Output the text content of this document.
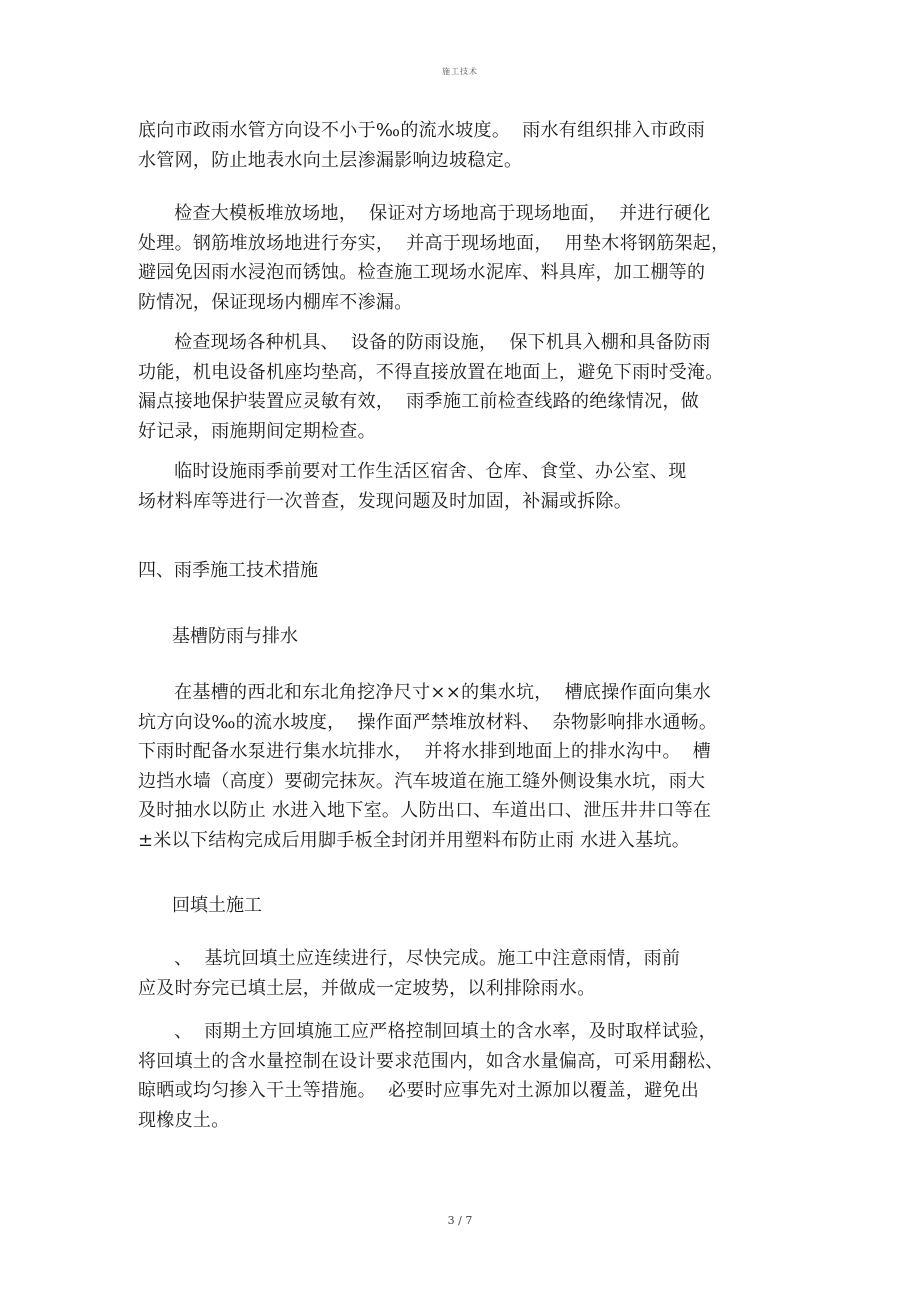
施工技术
底向市政雨水管方向设不小于‰的流水坡度。  雨水有组织排入市政雨
水管网，防止地表水向土层渗漏影响边坡稳定。
检查大模板堆放场地，  保证对方场地高于现场地面，  并进行硬化
处理。钢筋堆放场地进行夯实，  并高于现场地面，  用垫木将钢筋架起，
避园免因雨水浸泡而锈蚀。检查施工现场水泥库、料具库，加工棚等的
防情况，保证现场内棚库不渗漏。
检查现场各种机具、  设备的防雨设施，  保下机具入棚和具备防雨
功能，机电设备机座均垫高，不得直接放置在地面上，避免下雨时受淹。
漏点接地保护装置应灵敏有效，  雨季施工前检查线路的绝缘情况，做
好记录，雨施期间定期检查。
临时设施雨季前要对工作生活区宿舍、仓库、食堂、办公室、现
场材料库等进行一次普查，发现问题及时加固，补漏或拆除。
四、雨季施工技术措施
基槽防雨与排水
在基槽的西北和东北角挖净尺寸××的集水坑，  槽底操作面向集水
坑方向设‰的流水坡度，  操作面严禁堆放材料、  杂物影响排水通畅。
下雨时配备水泵进行集水坑排水，  并将水排到地面上的排水沟中。  槽
边挡水墙（高度）要砌完抹灰。汽车坡道在施工缝外侧设集水坑，雨大
及时抽水以防止 水进入地下室。人防出口、车道出口、泄压井井口等在
±米以下结构完成后用脚手板全封闭并用塑料布防止雨 水进入基坑。
回填土施工
、  基坑回填土应连续进行，尽快完成。施工中注意雨情，雨前
应及时夯完已填土层，并做成一定坡势，以利排除雨水。
、  雨期土方回填施工应严格控制回填土的含水率，及时取样试验，
将回填土的含水量控制在设计要求范围内，如含水量偏高，可采用翻松、
晾晒或均匀掺入干土等措施。  必要时应事先对土源加以覆盖，避免出
现橡皮土。
3 / 7
